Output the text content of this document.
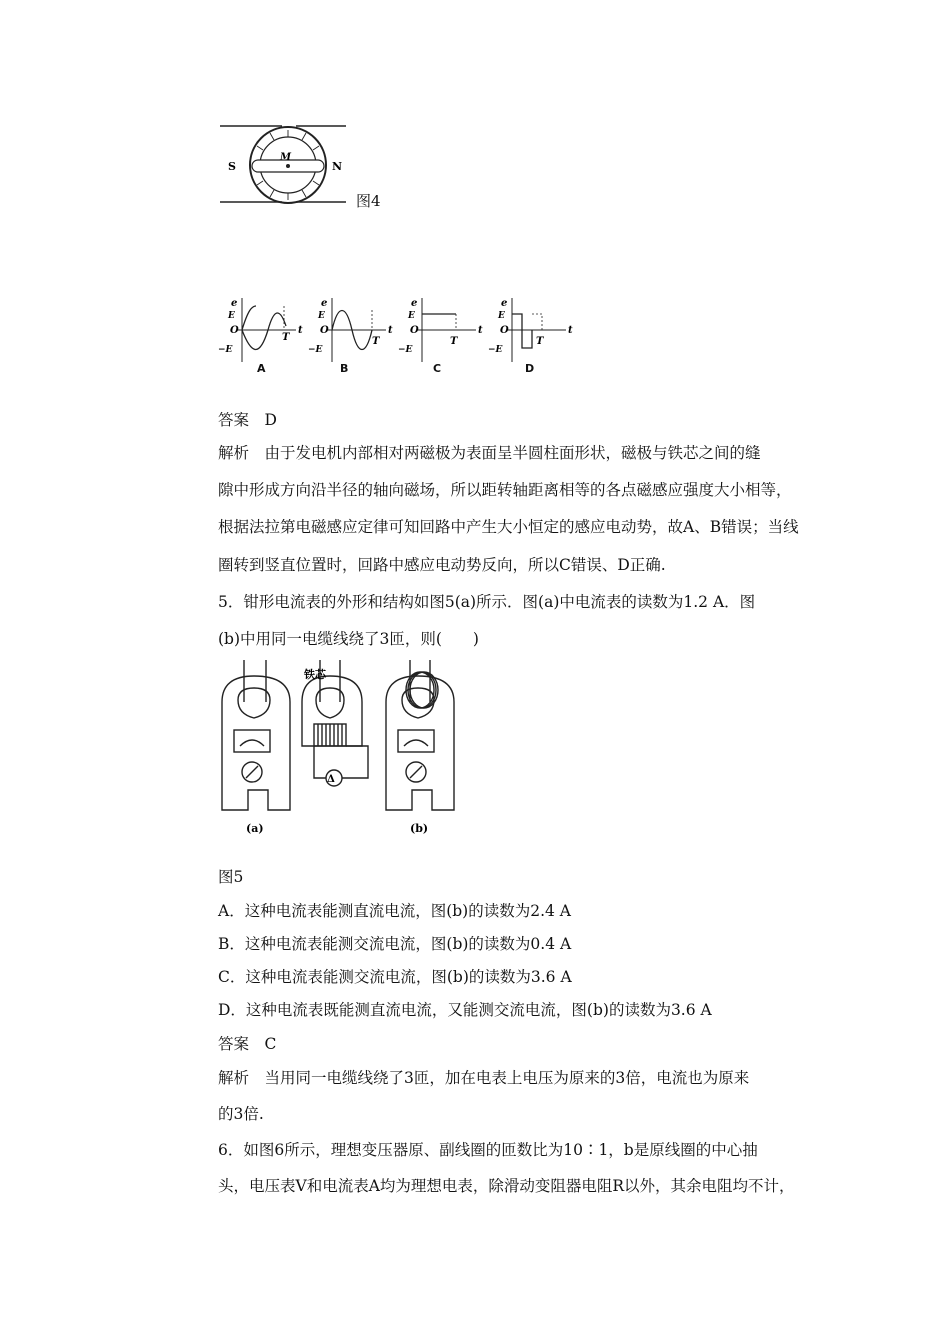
S	N
M
图4
e
t
O
E
−E
T
e
t
O
E
−E
T
e
t
O
E
−E
T
e
t
O
E
−E
T
A	B	C	D
答案　D
解析　由于发电机内部相对两磁极为表面呈半圆柱面形状，磁极与铁芯之间的缝
隙中形成方向沿半径的轴向磁场，所以距转轴距离相等的各点磁感应强度大小相等，
根据法拉第电磁感应定律可知回路中产生大小恒定的感应电动势，故A、B错误；当线
圈转到竖直位置时，回路中感应电动势反向，所以C错误、D正确.
5．钳形电流表的外形和结构如图5(a)所示．图(a)中电流表的读数为1.2 A．图
(b)中用同一电缆线绕了3匝，则(　　)
Δ
铁芯
(a)	(b)
图5
A．这种电流表能测直流电流，图(b)的读数为2.4 A
B．这种电流表能测交流电流，图(b)的读数为0.4 A
C．这种电流表能测交流电流，图(b)的读数为3.6 A
D．这种电流表既能测直流电流，又能测交流电流，图(b)的读数为3.6 A
答案　C
解析　当用同一电缆线绕了3匝，加在电表上电压为原来的3倍，电流也为原来
的3倍.
6．如图6所示，理想变压器原、副线圈的匝数比为10∶1，b是原线圈的中心抽
头，电压表V和电流表A均为理想电表，除滑动变阻器电阻R以外，其余电阻均不计，
